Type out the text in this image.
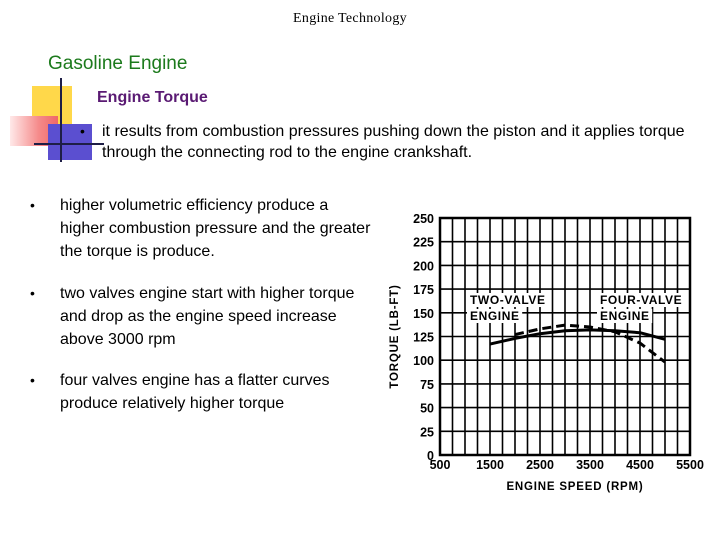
Engine Technology
Gasoline Engine
Engine Torque
• it results from combustion pressures pushing down the piston and it applies torque through the connecting rod to the engine crankshaft.
• higher volumetric efficiency produce a higher combustion pressure and the greater the torque is produce.
• two valves engine start with higher torque and drop as the engine speed increase above 3000 rpm
• four valves engine has a flatter curves produce relatively higher torque
0
25
50
75
100
125
150
175
200
225
250
500 1500 2500 3500 4500 5500
ENGINE SPEED (RPM)
TORQUE (LB-FT)	TWO-VALVE
ENGINE
FOUR-VALVE
ENGINE
